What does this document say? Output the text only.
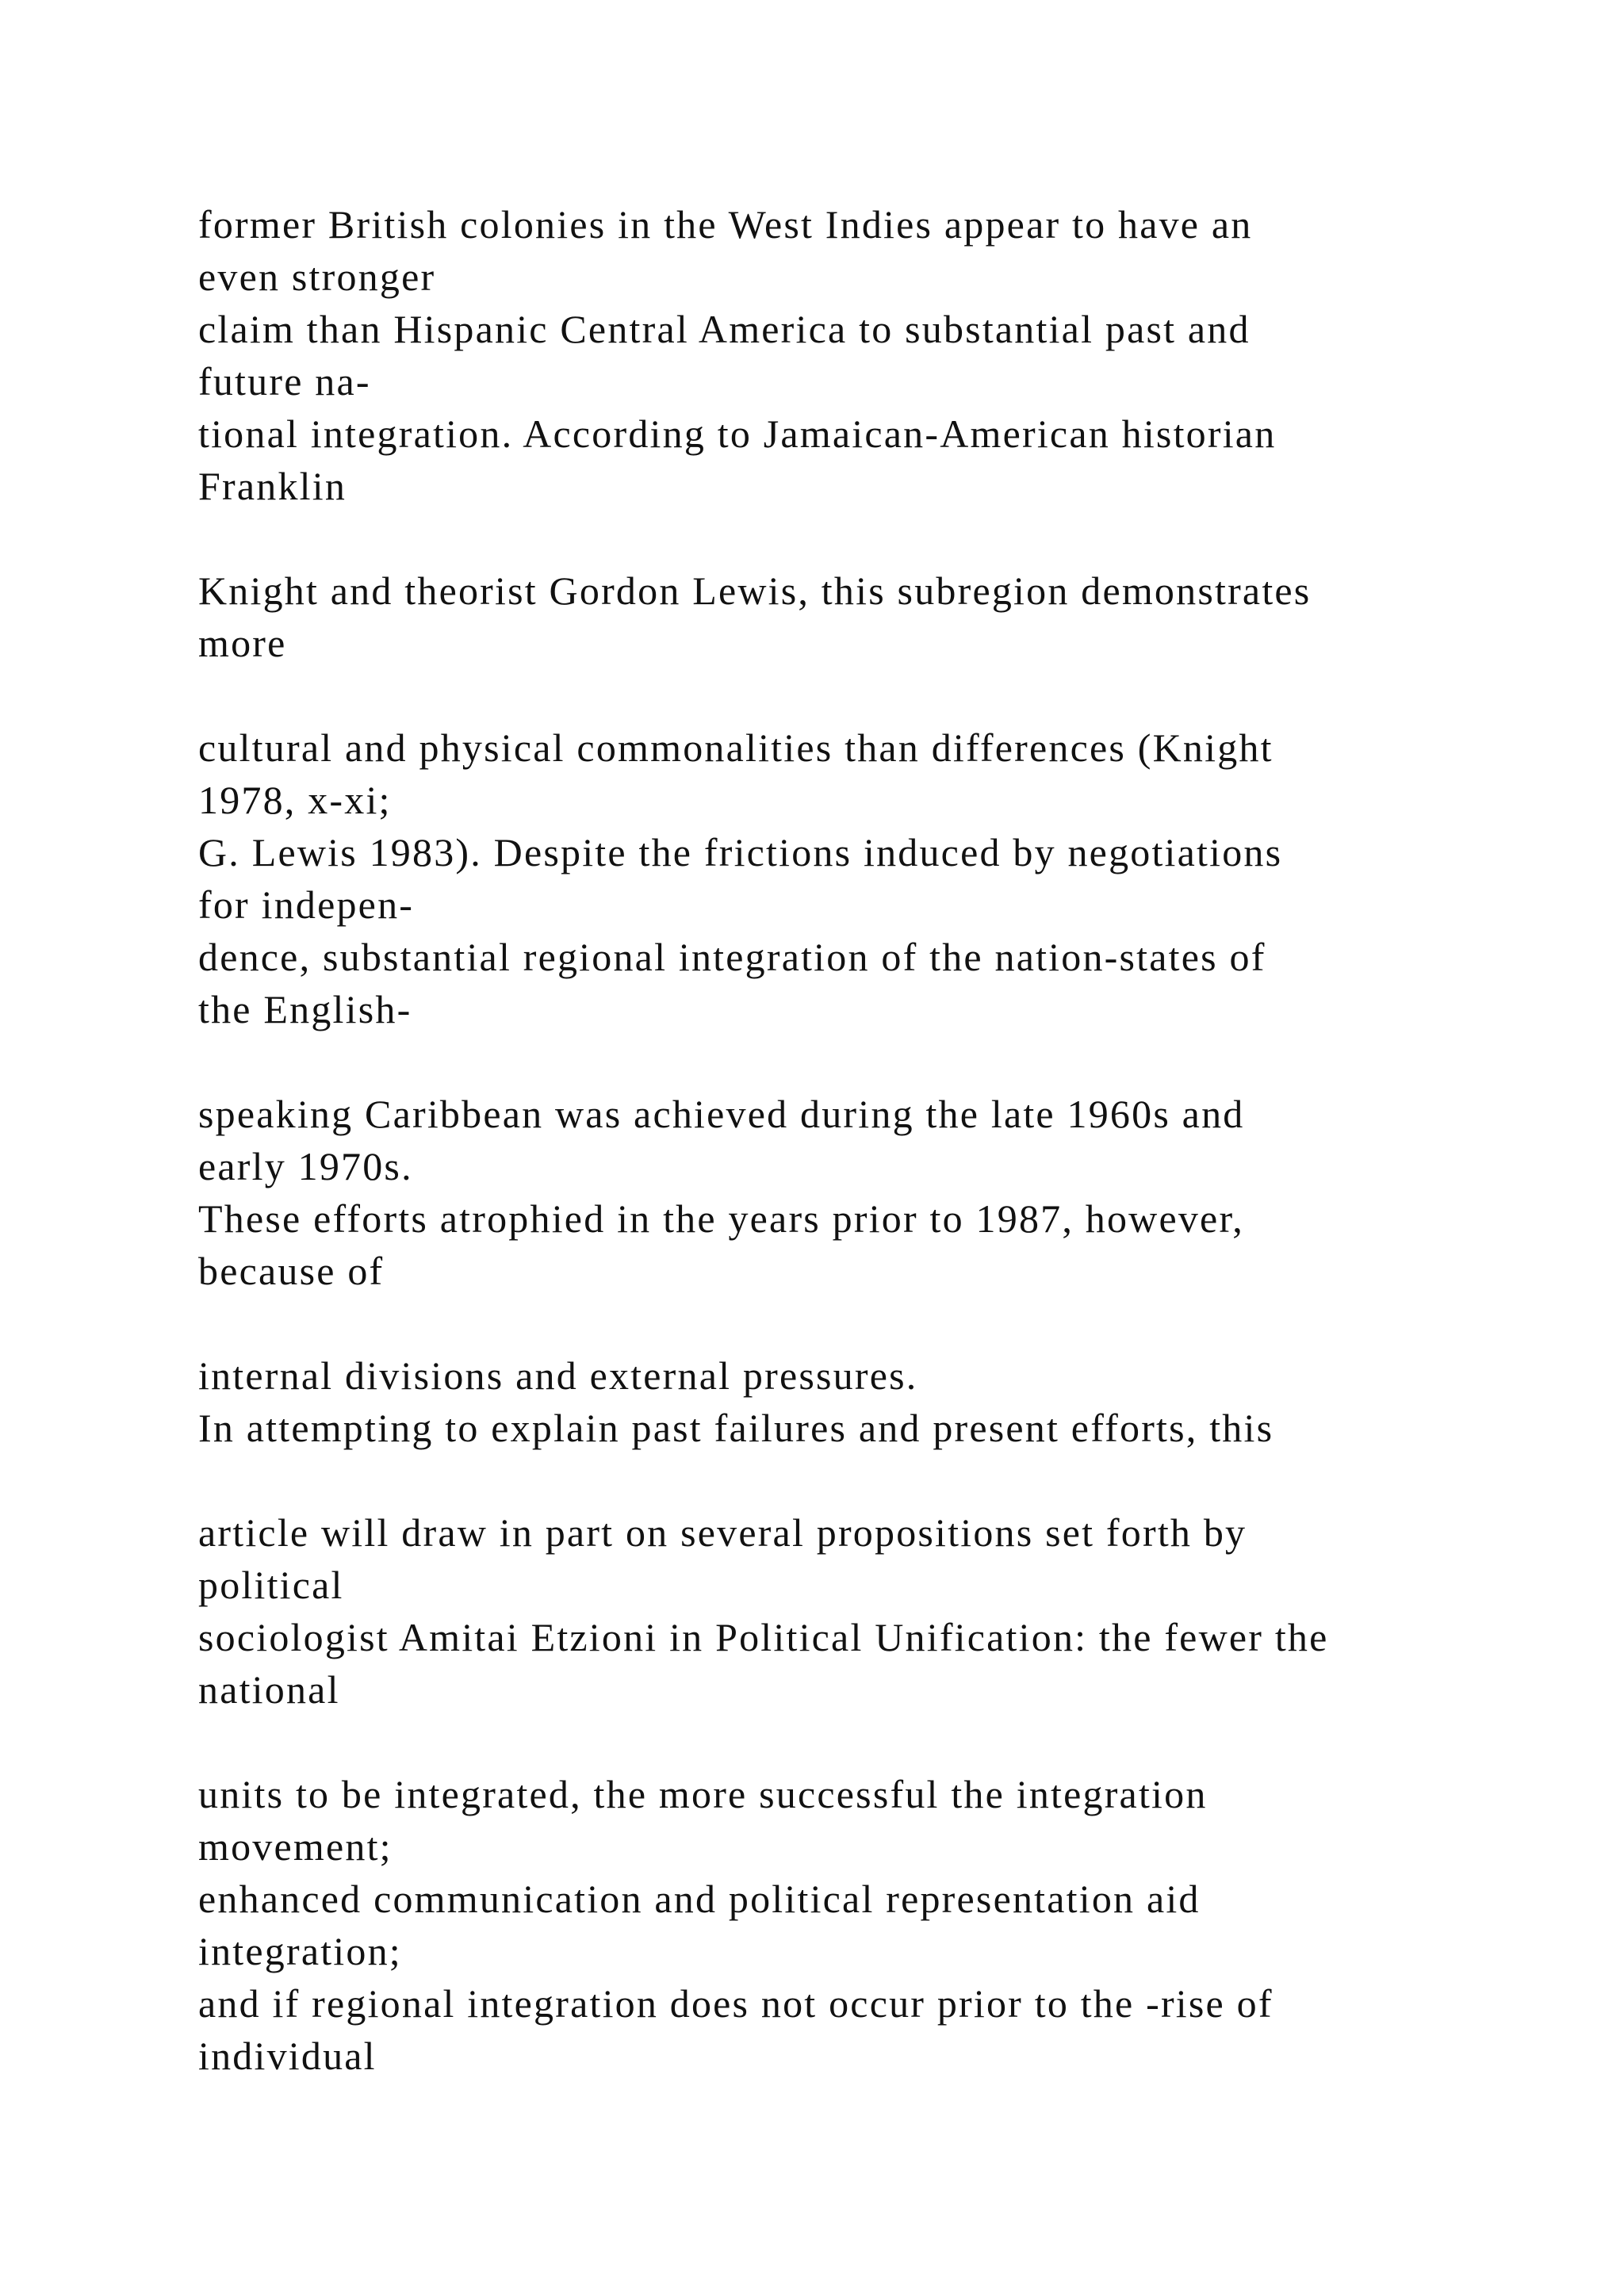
former British colonies in the West Indies appear to have an
even stronger
claim than Hispanic Central America to substantial past and
future na-
tional integration. According to Jamaican-American historian
Franklin
Knight and theorist Gordon Lewis, this subregion demonstrates
more
cultural and physical commonalities than differences (Knight
1978, x-xi;
G. Lewis 1983). Despite the frictions induced by negotiations
for indepen-
dence, substantial regional integration of the nation-states of
the English-
speaking Caribbean was achieved during the late 1960s and
early 1970s.
These efforts atrophied in the years prior to 1987, however,
because of
internal divisions and external pressures.
In attempting to explain past failures and present efforts, this
article will draw in part on several propositions set forth by
political
sociologist Amitai Etzioni in Political Unification: the fewer the
national
units to be integrated, the more successful the integration
movement;
enhanced communication and political representation aid
integration;
and if regional integration does not occur prior to the -rise of
individual
